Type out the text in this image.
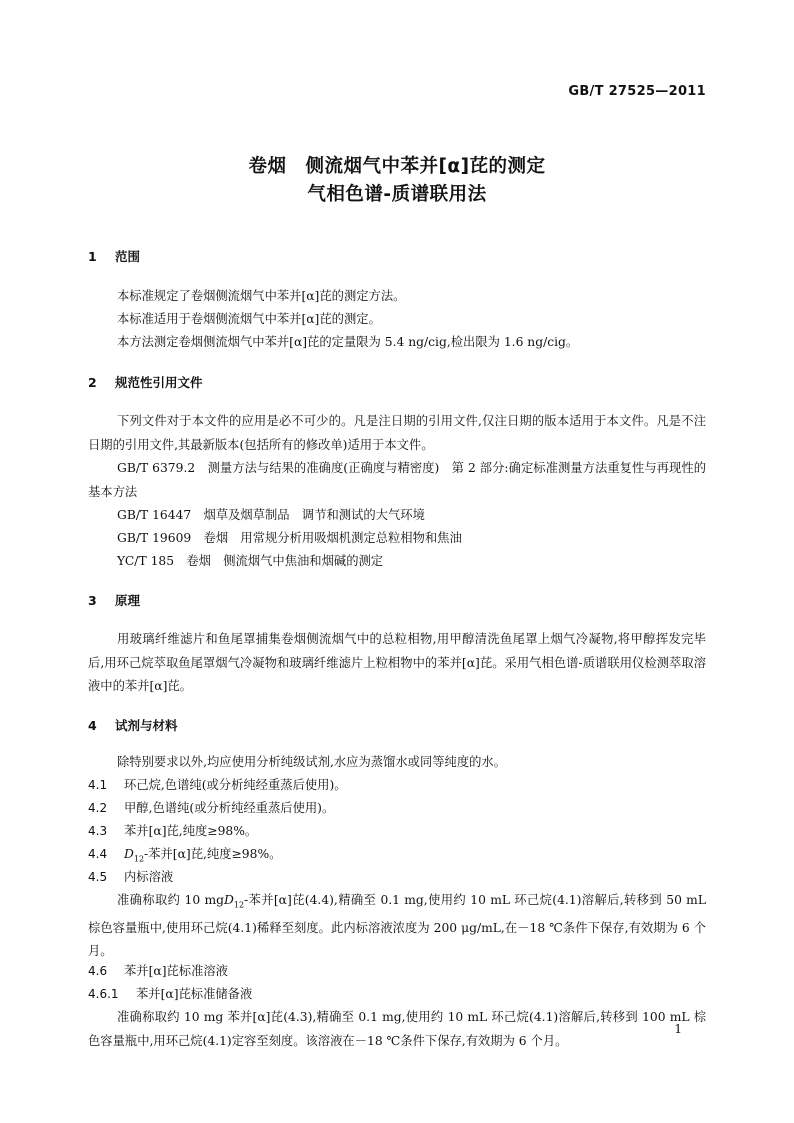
GB/T 27525—2011
卷烟　侧流烟气中苯并[α]芘的测定
气相色谱-质谱联用法
1 范围
本标准规定了卷烟侧流烟气中苯并[α]芘的测定方法。
本标准适用于卷烟侧流烟气中苯并[α]芘的测定。
本方法测定卷烟侧流烟气中苯并[α]芘的定量限为 5.4 ng/cig,检出限为 1.6 ng/cig。
2 规范性引用文件
下列文件对于本文件的应用是必不可少的。凡是注日期的引用文件,仅注日期的版本适用于本文件。凡是不注日期的引用文件,其最新版本(包括所有的修改单)适用于本文件。
GB/T 6379.2　测量方法与结果的准确度(正确度与精密度)　第 2 部分:确定标准测量方法重复性与再现性的基本方法
GB/T 16447　烟草及烟草制品　调节和测试的大气环境
GB/T 19609　卷烟　用常规分析用吸烟机测定总粒相物和焦油
YC/T 185　卷烟　侧流烟气中焦油和烟碱的测定
3 原理
用玻璃纤维滤片和鱼尾罩捕集卷烟侧流烟气中的总粒相物,用甲醇清洗鱼尾罩上烟气冷凝物,将甲醇挥发完毕后,用环己烷萃取鱼尾罩烟气冷凝物和玻璃纤维滤片上粒相物中的苯并[α]芘。采用气相色谱-质谱联用仪检测萃取溶液中的苯并[α]芘。
4 试剂与材料
除特别要求以外,均应使用分析纯级试剂,水应为蒸馏水或同等纯度的水。
4.1 环己烷,色谱纯(或分析纯经重蒸后使用)。
4.2 甲醇,色谱纯(或分析纯经重蒸后使用)。
4.3 苯并[α]芘,纯度≥98%。
4.4 $D_{12}-$苯并[α]芘,纯度≥98%。
4.5 内标溶液
准确称取约 10 mgD$_{12}$-苯并[α]芘(4.4),精确至 0.1 mg,使用约 10 mL 环己烷(4.1)溶解后,转移到 50 mL 棕色容量瓶中,使用环己烷(4.1)稀释至刻度。此内标溶液浓度为 200 μg/mL,在－18 ℃条件下保存,有效期为 6 个月。
4.6 苯并[α]芘标准溶液
4.6.1 苯并[α]芘标准储备液
准确称取约 10 mg 苯并[α]芘(4.3),精确至 0.1 mg,使用约 10 mL 环己烷(4.1)溶解后,转移到 100 mL 棕色容量瓶中,用环己烷(4.1)定容至刻度。该溶液在－18 ℃条件下保存,有效期为 6 个月。
1
